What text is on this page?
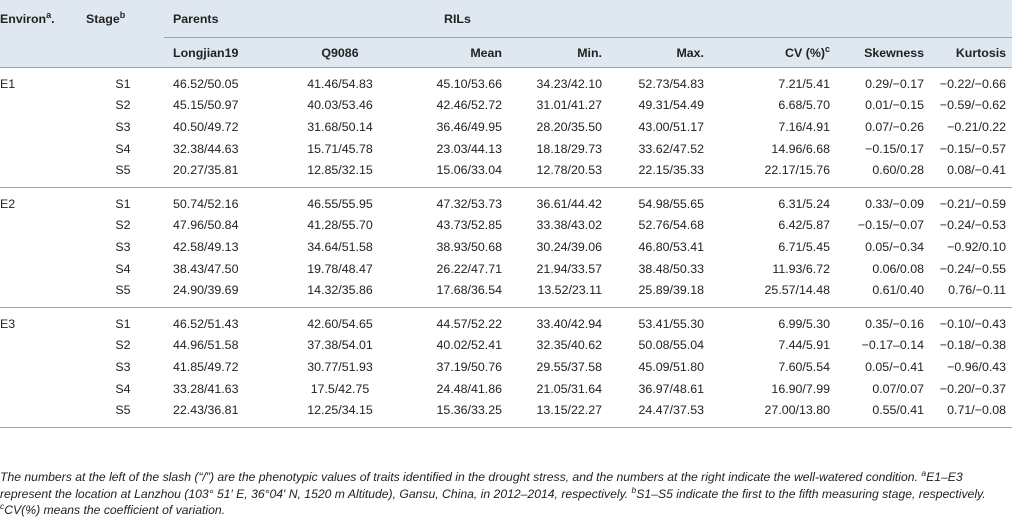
Environ$^a$.	Stage$^b$	Parents		RILs					
		Longjian19	Q9086	Mean	Min.	Max.	CV (%)$^c$	Skewness	Kurtosis
E1	S1	46.52/50.05	41.46/54.83	45.10/53.66	34.23/42.10	52.73/54.83	7.21/5.41	0.29/−0.17	−0.22/−0.66
	S2	45.15/50.97	40.03/53.46	42.46/52.72	31.01/41.27	49.31/54.49	6.68/5.70	0.01/−0.15	−0.59/−0.62
	S3	40.50/49.72	31.68/50.14	36.46/49.95	28.20/35.50	43.00/51.17	7.16/4.91	0.07/−0.26	−0.21/0.22
	S4	32.38/44.63	15.71/45.78	23.03/44.13	18.18/29.73	33.62/47.52	14.96/6.68	−0.15/0.17	−0.15/−0.57
	S5	20.27/35.81	12.85/32.15	15.06/33.04	12.78/20.53	22.15/35.33	22.17/15.76	0.60/0.28	0.08/−0.41
E2	S1	50.74/52.16	46.55/55.95	47.32/53.73	36.61/44.42	54.98/55.65	6.31/5.24	0.33/−0.09	−0.21/−0.59
	S2	47.96/50.84	41.28/55.70	43.73/52.85	33.38/43.02	52.76/54.68	6.42/5.87	−0.15/−0.07	−0.24/−0.53
	S3	42.58/49.13	34.64/51.58	38.93/50.68	30.24/39.06	46.80/53.41	6.71/5.45	0.05/−0.34	−0.92/0.10
	S4	38.43/47.50	19.78/48.47	26.22/47.71	21.94/33.57	38.48/50.33	11.93/6.72	0.06/0.08	−0.24/−0.55
	S5	24.90/39.69	14.32/35.86	17.68/36.54	13.52/23.11	25.89/39.18	25.57/14.48	0.61/0.40	0.76/−0.11
E3	S1	46.52/51.43	42.60/54.65	44.57/52.22	33.40/42.94	53.41/55.30	6.99/5.30	0.35/−0.16	−0.10/−0.43
	S2	44.96/51.58	37.38/54.01	40.02/52.41	32.35/40.62	50.08/55.04	7.44/5.91	−0.17–0.14	−0.18/−0.38
	S3	41.85/49.72	30.77/51.93	37.19/50.76	29.55/37.58	45.09/51.80	7.60/5.54	0.05/−0.41	−0.96/0.43
	S4	33.28/41.63	17.5/42.75	24.48/41.86	21.05/31.64	36.97/48.61	16.90/7.99	0.07/0.07	−0.20/−0.37
	S5	22.43/36.81	12.25/34.15	15.36/33.25	13.15/22.27	24.47/37.53	27.00/13.80	0.55/0.41	0.71/−0.08
The numbers at the left of the slash (“/”) are the phenotypic values of traits identified in the drought stress, and the numbers at the right indicate the well-watered condition. $^a$E1–E3 represent the location at Lanzhou (103° 51′ E, 36°04′ N, 1520 m Altitude), Gansu, China, in 2012–2014, respectively. $^b$S1–S5 indicate the first to the fifth measuring stage, respectively. $^c$CV(%) means the coefficient of variation.
